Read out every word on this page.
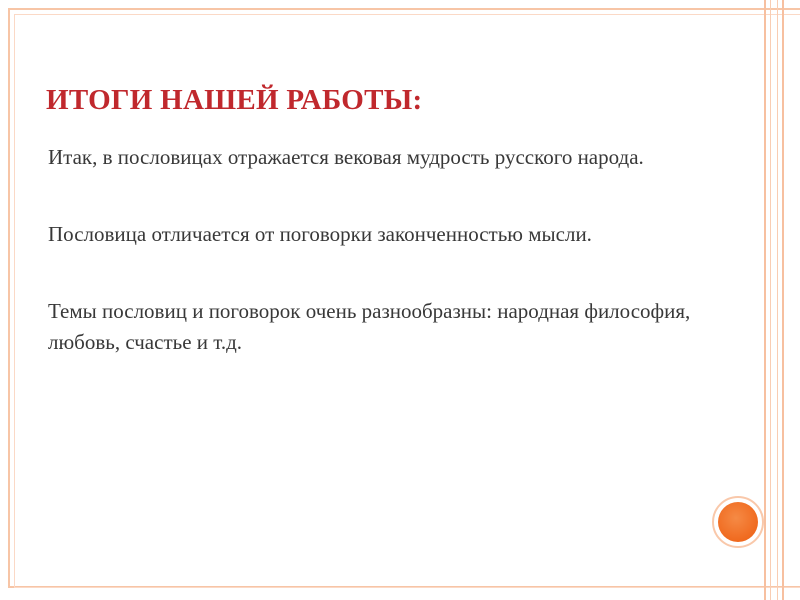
ИТОГИ НАШЕЙ РАБОТЫ:

Итак, в пословицах отражается вековая мудрость русского народа.

Пословица отличается от поговорки законченностью мысли.

Темы пословиц и поговорок очень разнообразны: народная философия, любовь, счастье и т.д.
